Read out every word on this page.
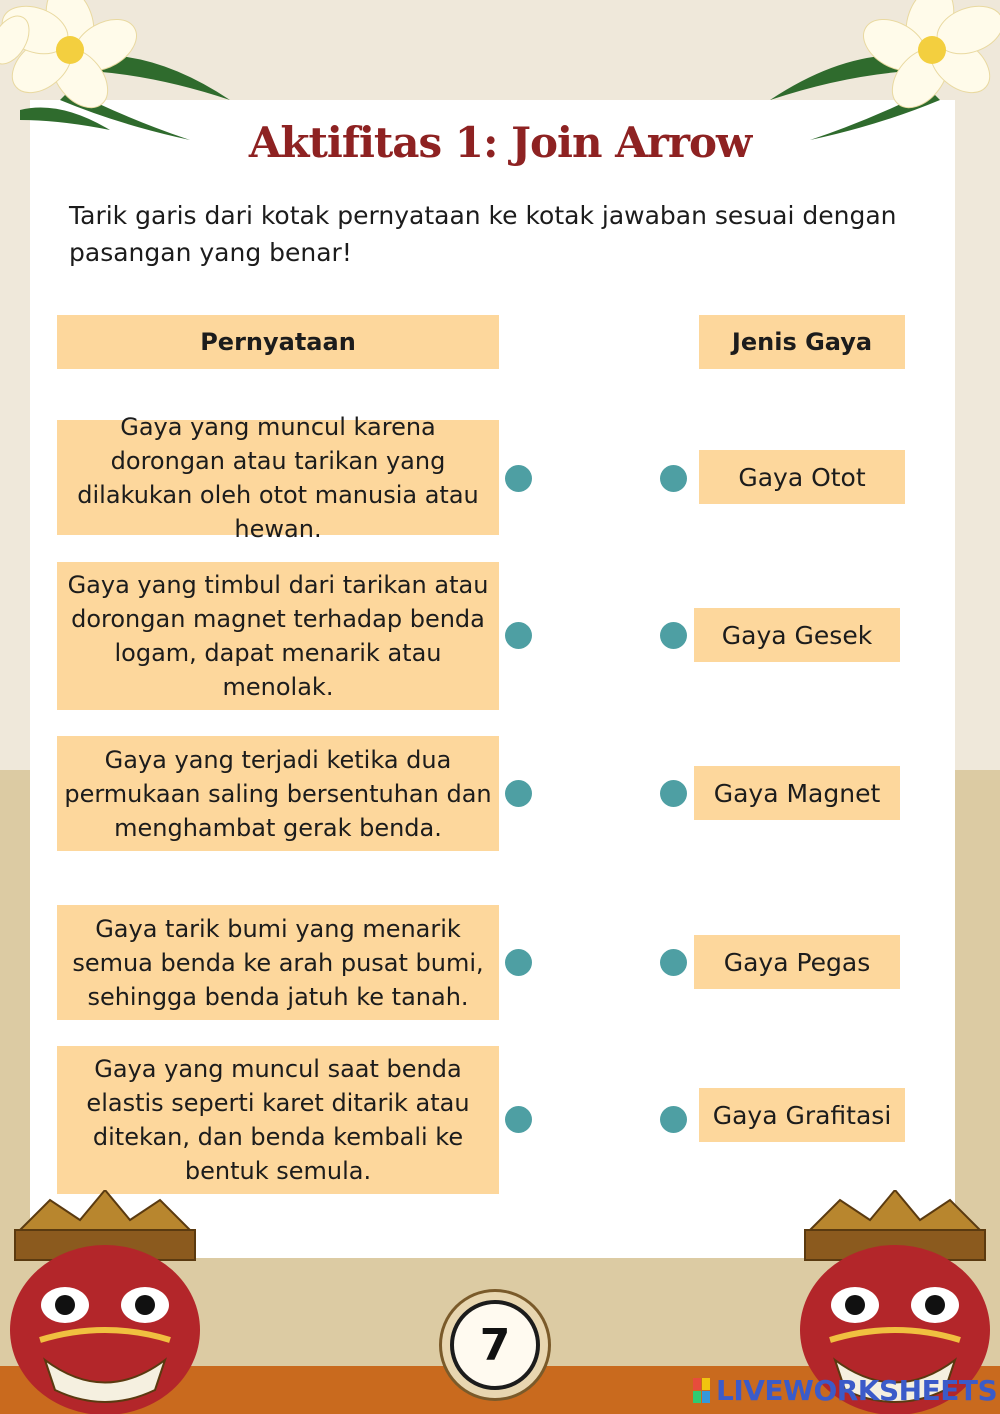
Aktifitas 1: Join Arrow
Tarik garis dari kotak pernyataan ke kotak jawaban sesuai dengan pasangan yang benar!
Pernyataan	Jenis Gaya
Gaya yang muncul karena dorongan atau tarikan yang dilakukan oleh otot manusia atau hewan.
Gaya yang timbul dari tarikan atau dorongan magnet terhadap benda logam, dapat menarik atau menolak.
Gaya yang terjadi ketika dua permukaan saling bersentuhan dan menghambat gerak benda.
Gaya tarik bumi yang menarik semua benda ke arah pusat bumi, sehingga benda jatuh ke tanah.
Gaya yang muncul saat benda elastis seperti karet ditarik atau ditekan, dan benda kembali ke bentuk semula.
Gaya Otot
Gaya Gesek
Gaya Magnet
Gaya Pegas
Gaya Grafitasi
7
LIVEWORKSHEETS
